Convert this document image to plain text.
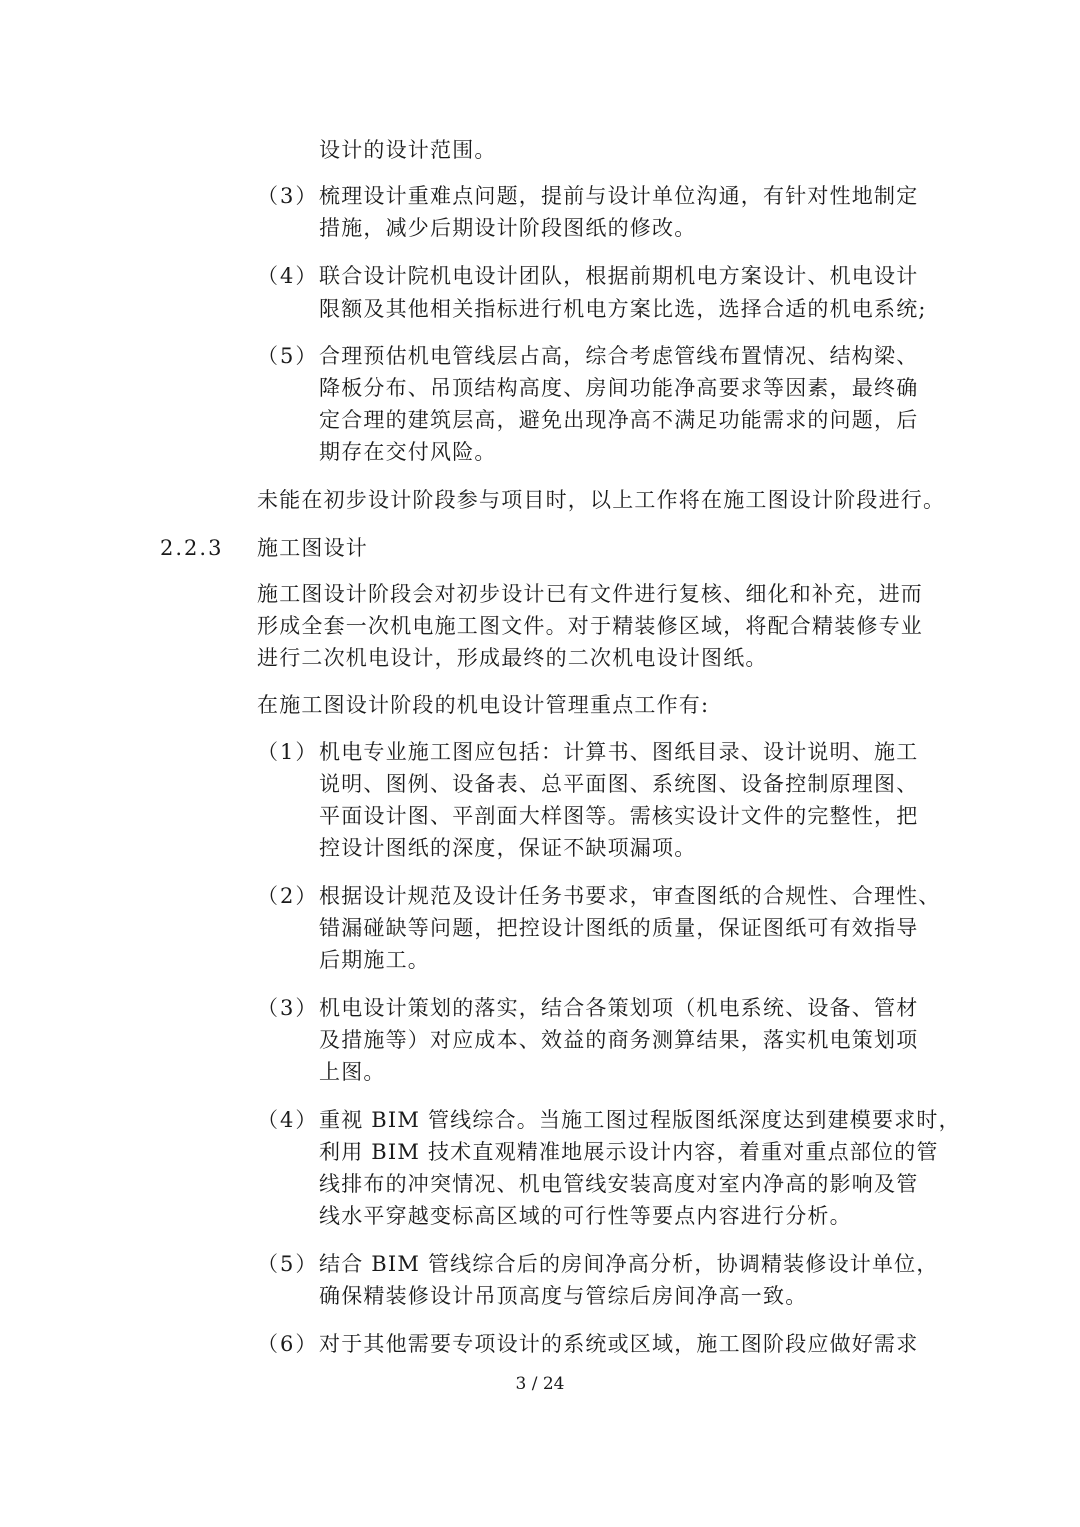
设计的设计范围。
（3） 梳理设计重难点问题，提前与设计单位沟通，有针对性地制定
措施，减少后期设计阶段图纸的修改。
（4） 联合设计院机电设计团队，根据前期机电方案设计、机电设计
限额及其他相关指标进行机电方案比选，选择合适的机电系统;
（5） 合理预估机电管线层占高，综合考虑管线布置情况、结构梁、
降板分布、吊顶结构高度、房间功能净高要求等因素，最终确
定合理的建筑层高，避免出现净高不满足功能需求的问题，后
期存在交付风险。
未能在初步设计阶段参与项目时，以上工作将在施工图设计阶段进行。
2.2.3 施工图设计
施工图设计阶段会对初步设计已有文件进行复核、细化和补充，进而
形成全套一次机电施工图文件。对于精装修区域，将配合精装修专业
进行二次机电设计，形成最终的二次机电设计图纸。
在施工图设计阶段的机电设计管理重点工作有:
（1） 机电专业施工图应包括：计算书、图纸目录、设计说明、施工
说明、图例、设备表、总平面图、系统图、设备控制原理图、
平面设计图、平剖面大样图等。需核实设计文件的完整性，把
控设计图纸的深度，保证不缺项漏项。
（2） 根据设计规范及设计任务书要求，审查图纸的合规性、合理性、
错漏碰缺等问题，把控设计图纸的质量，保证图纸可有效指导
后期施工。
（3） 机电设计策划的落实，结合各策划项（机电系统、设备、管材
及措施等）对应成本、效益的商务测算结果，落实机电策划项
上图。
（4） 重视 BIM 管线综合。当施工图过程版图纸深度达到建模要求时，
利用 BIM 技术直观精准地展示设计内容，着重对重点部位的管
线排布的冲突情况、机电管线安装高度对室内净高的影响及管
线水平穿越变标高区域的可行性等要点内容进行分析。
（5） 结合 BIM 管线综合后的房间净高分析，协调精装修设计单位，
确保精装修设计吊顶高度与管综后房间净高一致。
（6） 对于其他需要专项设计的系统或区域，施工图阶段应做好需求
3 / 24
